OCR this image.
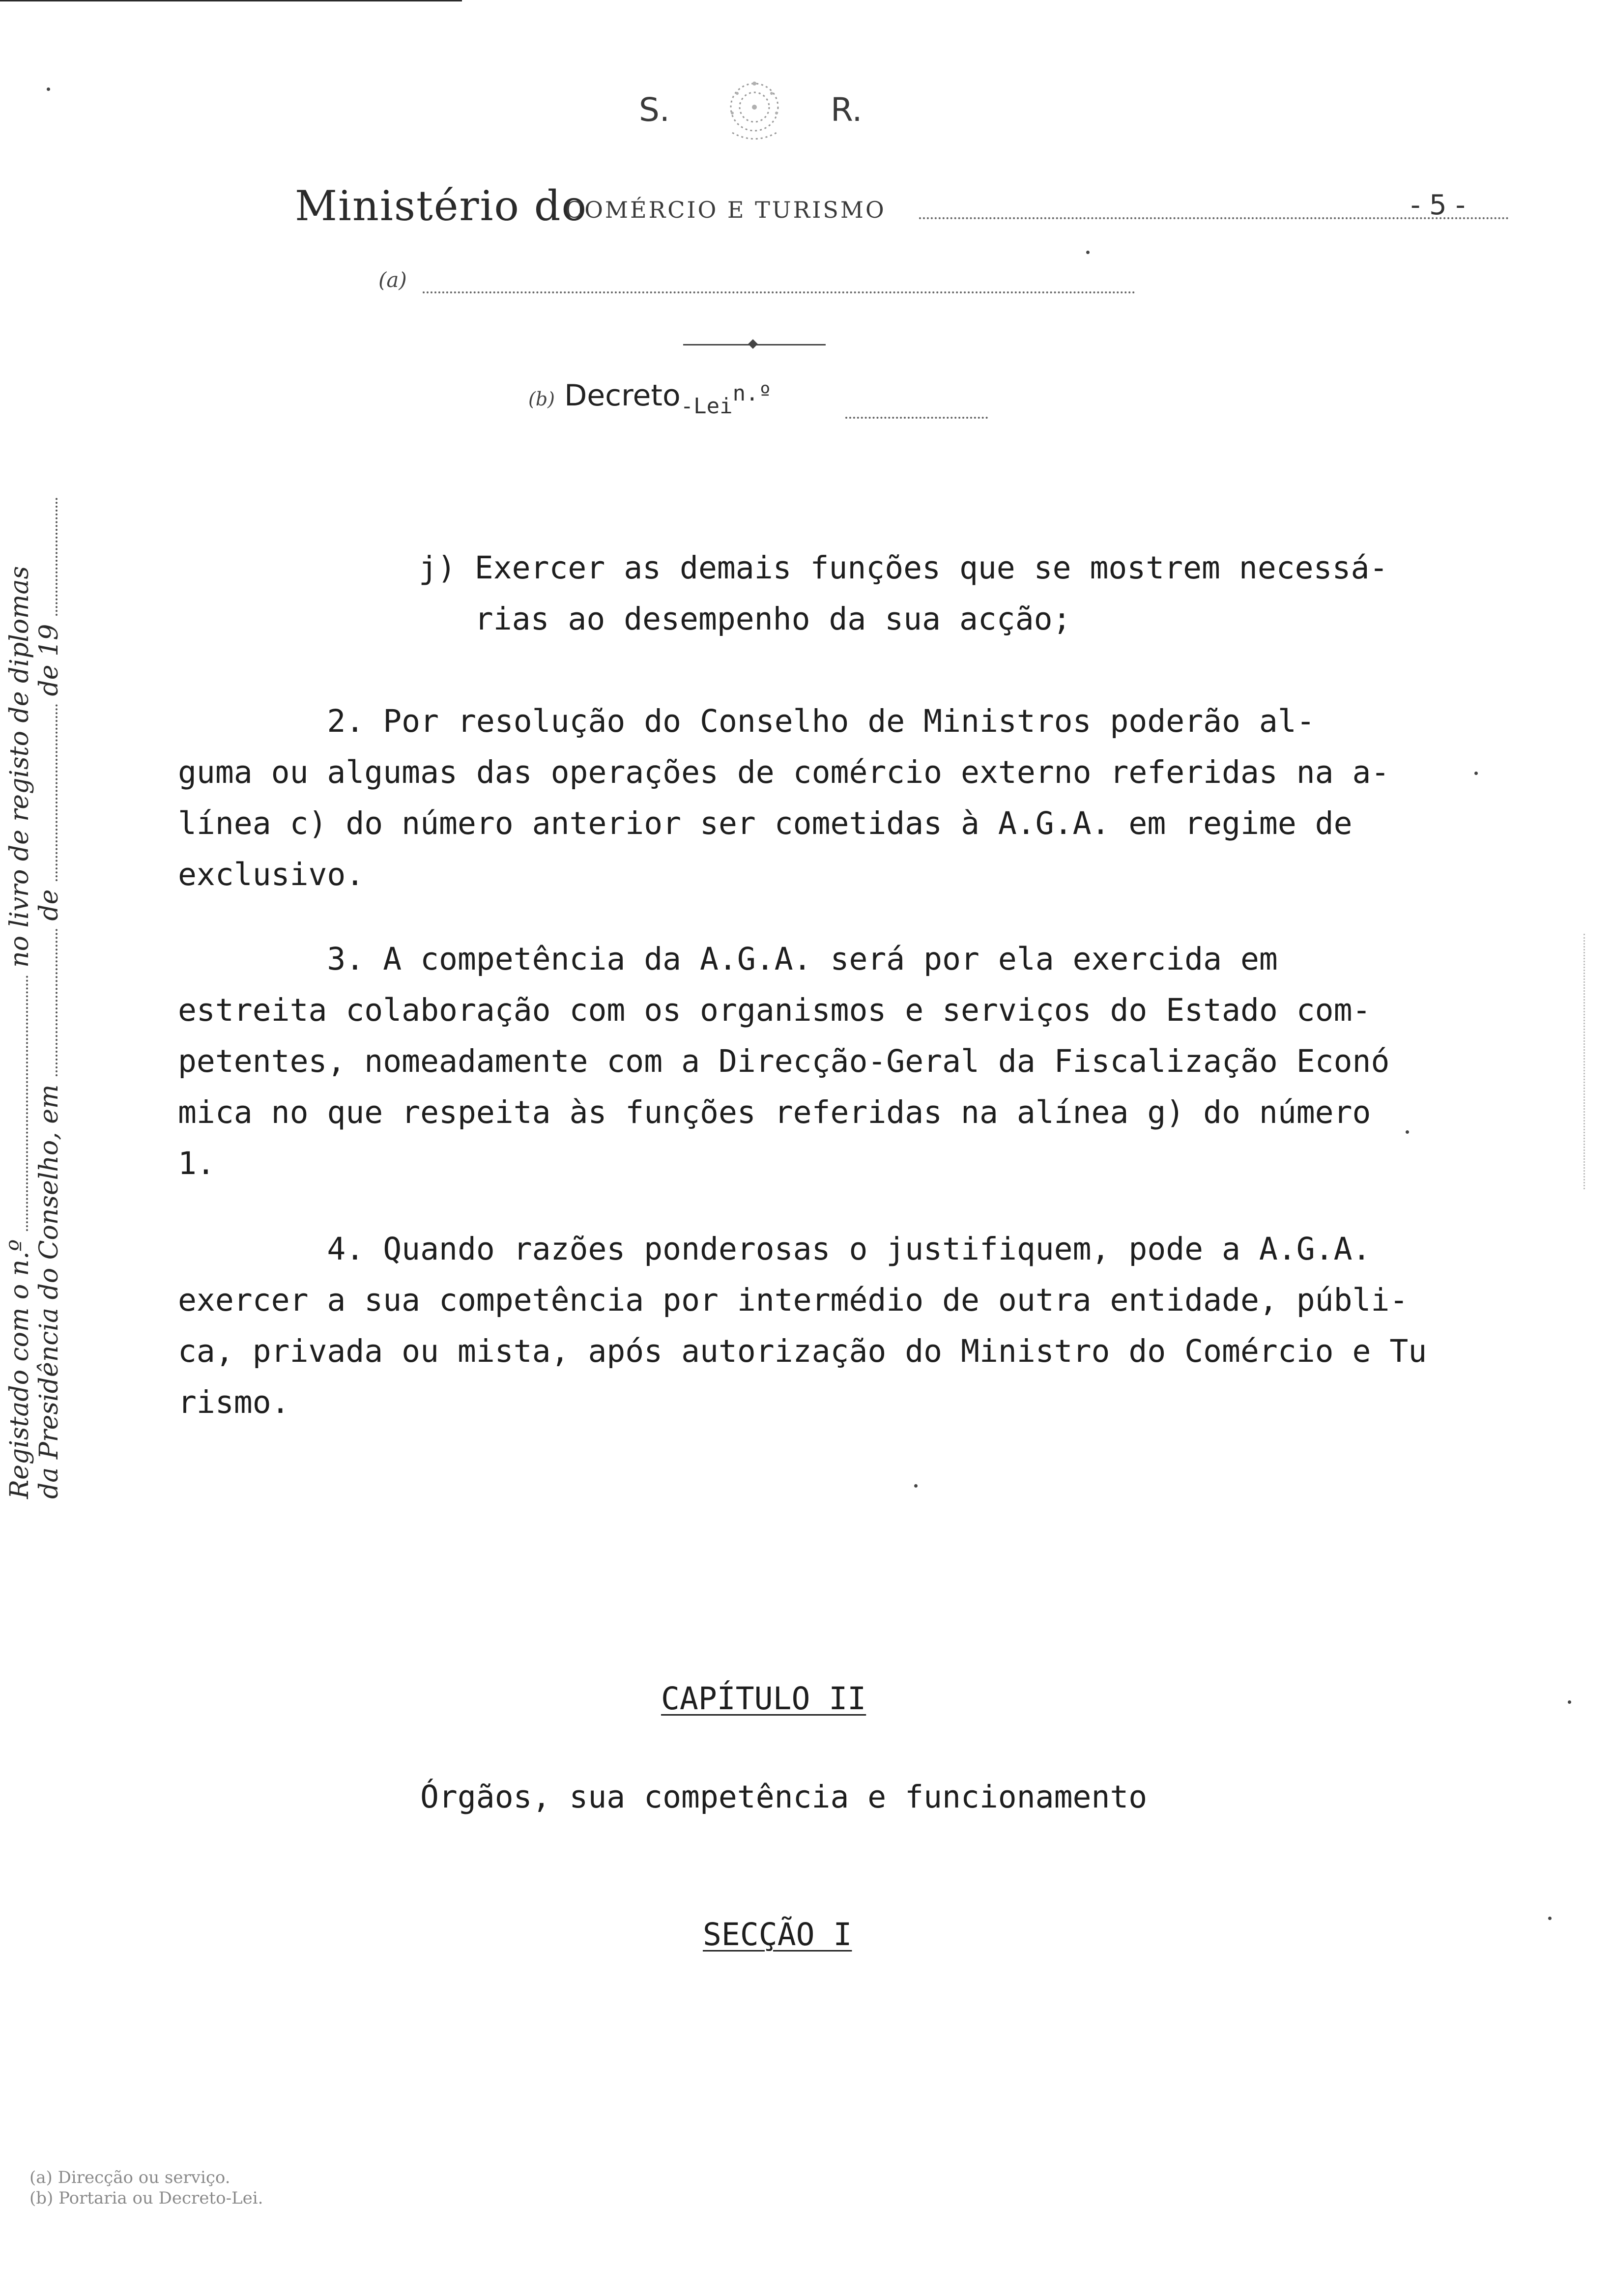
S.	R.
Ministério do
COMÉRCIO E TURISMO	- 5 -
(a)
(b) Decreto$_{-Lei}$n.º
Registado com o n.º  no livro de registo de diplomas
da Presidência do Conselho, em  de  de 19
j) Exercer as demais funções que se mostrem necessá-
rias ao desempenho da sua acção;
2. Por resolução do Conselho de Ministros poderão al-
guma ou algumas das operações de comércio externo referidas na a-
línea c) do número anterior ser cometidas à A.G.A. em regime de
exclusivo.
3. A competência da A.G.A. será por ela exercida em
estreita colaboração com os organismos e serviços do Estado com-
petentes, nomeadamente com a Direcção-Geral da Fiscalização Econó
mica no que respeita às funções referidas na alínea g) do número
1.
4. Quando razões ponderosas o justifiquem, pode a A.G.A.
exercer a sua competência por intermédio de outra entidade, públi-
ca, privada ou mista, após autorização do Ministro do Comércio e Tu
rismo.
CAPÍTULO II
Órgãos, sua competência e funcionamento
SECÇÃO I
(a) Direcção ou serviço.
(b) Portaria ou Decreto-Lei.
